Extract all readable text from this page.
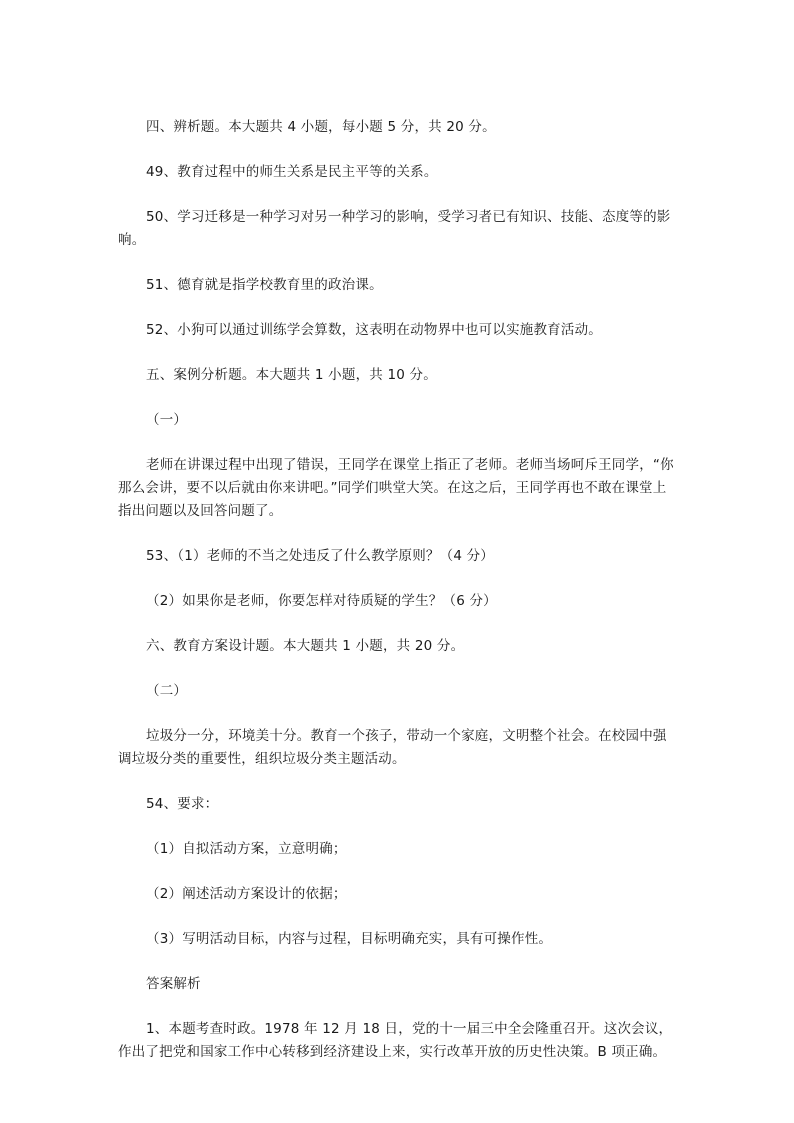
四、辨析题。本大题共 4 小题，每小题 5 分，共 20 分。

49、教育过程中的师生关系是民主平等的关系。

50、学习迁移是一种学习对另一种学习的影响，受学习者已有知识、技能、态度等的影响。

51、德育就是指学校教育里的政治课。

52、小狗可以通过训练学会算数，这表明在动物界中也可以实施教育活动。

五、案例分析题。本大题共 1 小题，共 10 分。

（一）

老师在讲课过程中出现了错误，王同学在课堂上指正了老师。老师当场呵斥王同学，“你那么会讲，要不以后就由你来讲吧。”同学们哄堂大笑。在这之后，王同学再也不敢在课堂上指出问题以及回答问题了。

53、（1）老师的不当之处违反了什么教学原则？（4 分）

（2）如果你是老师，你要怎样对待质疑的学生？（6 分）

六、教育方案设计题。本大题共 1 小题，共 20 分。

（二）

垃圾分一分，环境美十分。教育一个孩子，带动一个家庭，文明整个社会。在校园中强调垃圾分类的重要性，组织垃圾分类主题活动。

54、要求：

（1）自拟活动方案，立意明确；

（2）阐述活动方案设计的依据；

（3）写明活动目标，内容与过程，目标明确充实，具有可操作性。

答案解析

1、本题考查时政。1978 年 12 月 18 日，党的十一届三中全会隆重召开。这次会议，作出了把党和国家工作中心转移到经济建设上来，实行改革开放的历史性决策。B 项正确。
